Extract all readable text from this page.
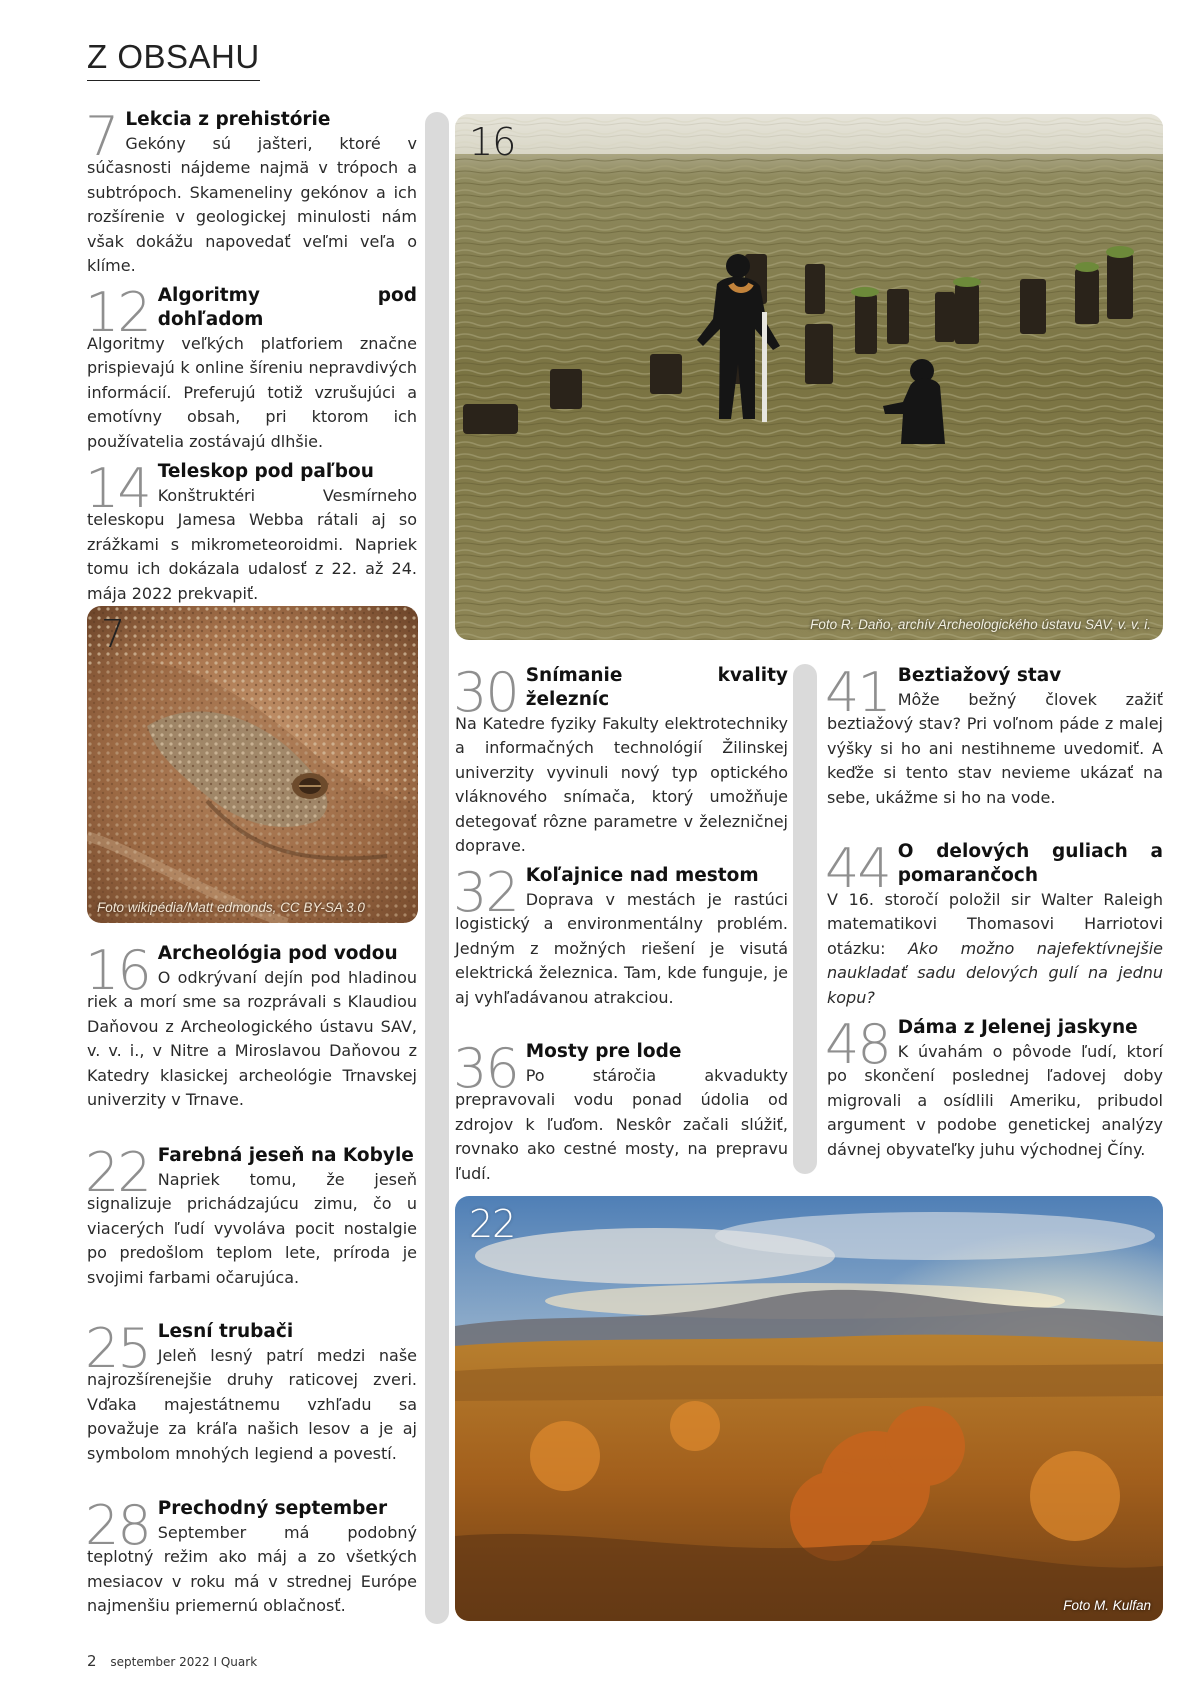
Z OBSAHU
7 Lekcia z prehistórie
Gekóny sú jašteri, ktoré v súčasnosti nájdeme najmä v trópoch a subtrópoch. Skameneliny gekónov a ich rozšírenie v geologickej minulosti nám však dokážu napovedať veľmi veľa o klíme.
12 Algoritmy pod dohľadom
Algoritmy veľkých platforiem značne prispievajú k online šíreniu nepravdivých informácií. Preferujú totiž vzrušujúci a emotívny obsah, pri ktorom ich používatelia zostávajú dlhšie.
14 Teleskop pod paľbou
Konštruktéri Vesmírneho teleskopu Jamesa Webba rátali aj so zrážkami s mikrometeoroidmi. Napriek tomu ich dokázala udalosť z 22. až 24. mája 2022 prekvapiť.
7
Foto wikipédia/Matt edmonds, CC BY-SA 3.0
16 Archeológia pod vodou
O odkrývaní dejín pod hladinou riek a morí sme sa rozprávali s Klaudiou Daňovou z Archeologického ústavu SAV, v. v. i., v Nitre a Miroslavou Daňovou z Katedry klasickej archeológie Trnavskej univerzity v Trnave.
22 Farebná jeseň na Kobyle
Napriek tomu, že jeseň signalizuje prichádzajúcu zimu, čo u viacerých ľudí vyvoláva pocit nostalgie po predošlom teplom lete, príroda je svojimi farbami očarujúca.
25 Lesní trubači
Jeleň lesný patrí medzi naše najrozšírenejšie druhy raticovej zveri. Vďaka majestátnemu vzhľadu sa považuje za kráľa našich lesov a je aj symbolom mnohých legiend a povestí.
28 Prechodný september
September má podobný teplotný režim ako máj a zo všetkých mesiacov v roku má v strednej Európe najmenšiu priemernú oblačnosť.
16
Foto R. Daňo, archív Archeologického ústavu SAV, v. v. i.
30 Snímanie kvality železníc
Na Katedre fyziky Fakulty elektrotechniky a informačných technológií Žilinskej univerzity vyvinuli nový typ optického vláknového snímača, ktorý umožňuje detegovať rôzne parametre v železničnej doprave.
32 Koľajnice nad mestom
Doprava v mestách je rastúci logistický a environmentálny problém. Jedným z možných riešení je visutá elektrická železnica. Tam, kde funguje, je aj vyhľadávanou atrakciou.
36 Mosty pre lode
Po stáročia akvadukty prepravovali vodu ponad údolia od zdrojov k ľuďom. Neskôr začali slúžiť, rovnako ako cestné mosty, na prepravu ľudí.
41 Beztiažový stav
Môže bežný človek zažiť beztiažový stav? Pri voľnom páde z malej výšky si ho ani nestihneme uvedomiť. A keďže si tento stav nevieme ukázať na sebe, ukážme si ho na vode.
44 O delových guliach a pomarančoch
V 16. storočí položil sir Walter Raleigh matematikovi Thomasovi Harriotovi otázku: Ako možno najefektívnejšie naukladať sadu delových gulí na jednu kopu?
48 Dáma z Jelenej jaskyne
K úvahám o pôvode ľudí, ktorí po skončení poslednej ľadovej doby migrovali a osídlili Ameriku, pribudol argument v podobe genetickej analýzy dávnej obyvateľky juhu východnej Číny.
22
Foto M. Kulfan
2 september 2022 I Quark
